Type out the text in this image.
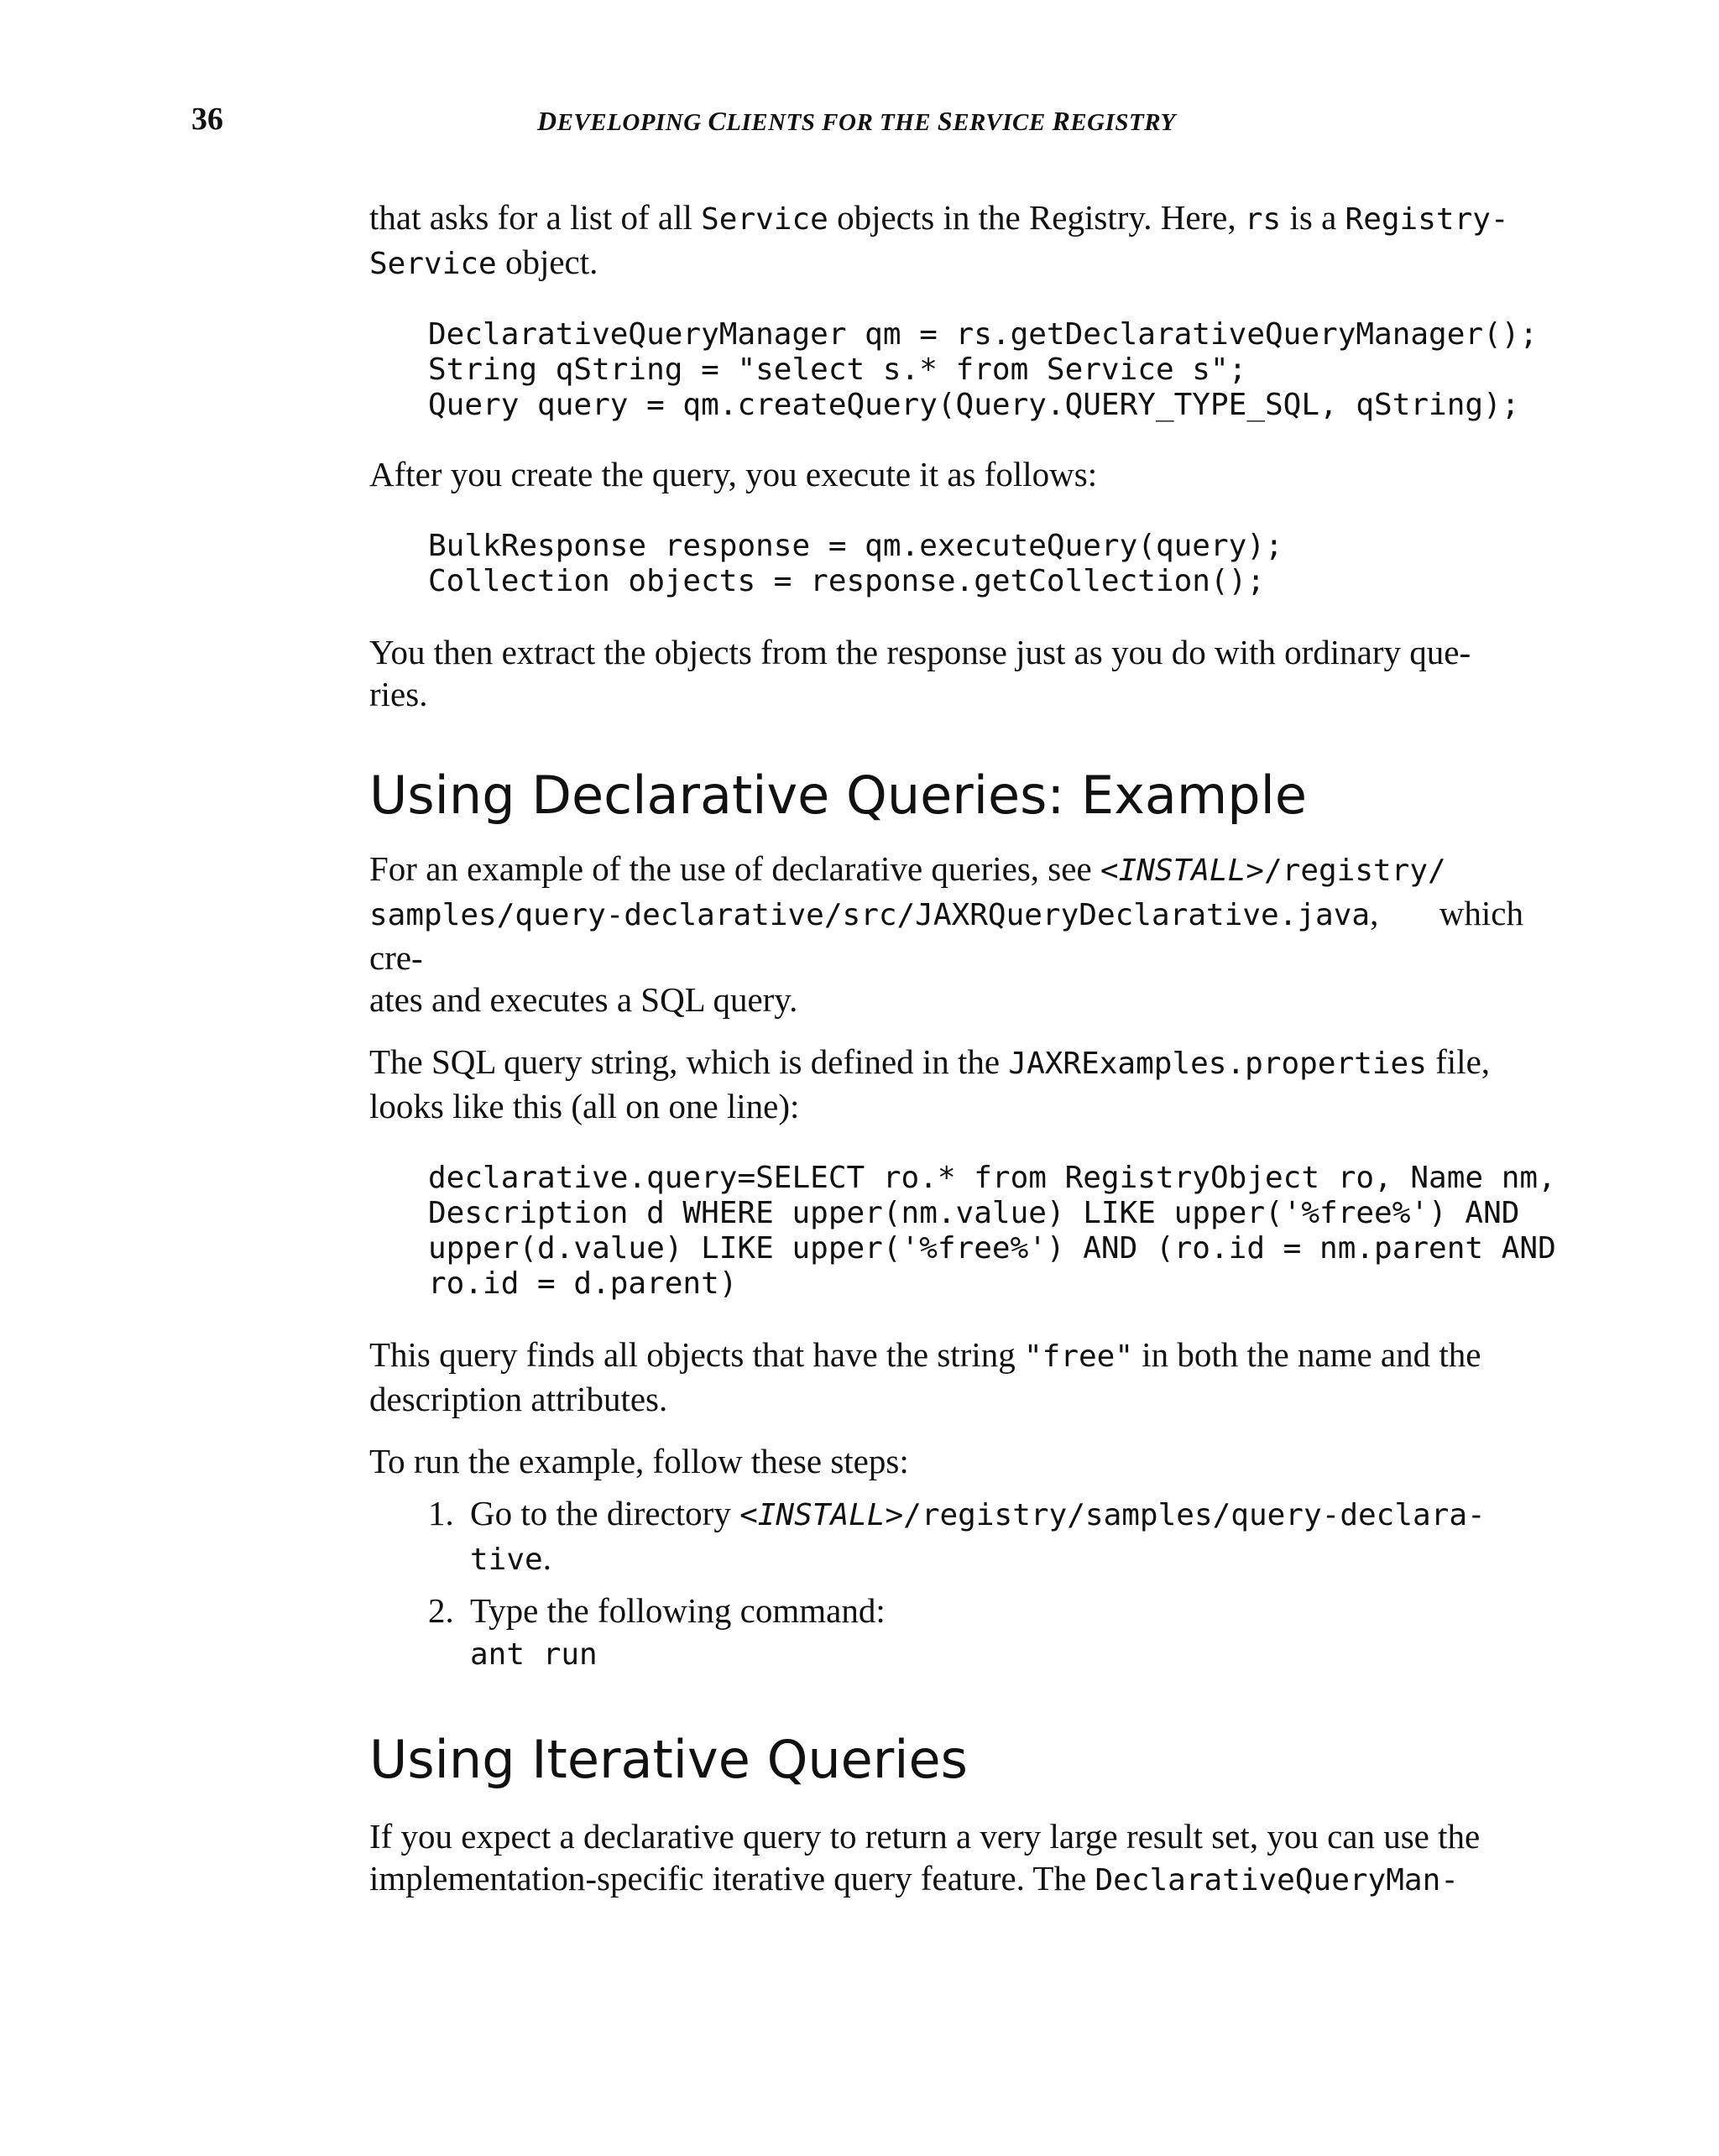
36	DEVELOPING CLIENTS FOR THE SERVICE REGISTRY

that asks for a list of all Service objects in the Registry. Here, rs is a Registry-
Service object.

DeclarativeQueryManager qm = rs.getDeclarativeQueryManager();
String qString = "select s.* from Service s";
Query query = qm.createQuery(Query.QUERY_TYPE_SQL, qString);

After you create the query, you execute it as follows:

BulkResponse response = qm.executeQuery(query);
Collection objects = response.getCollection();

You then extract the objects from the response just as you do with ordinary que-
ries.

Using Declarative Queries: Example

For an example of the use of declarative queries, see <INSTALL>/registry/
samples/query-declarative/src/JAXRQueryDeclarative.java, which cre-
ates and executes a SQL query.

The SQL query string, which is defined in the JAXRExamples.properties file,
looks like this (all on one line):

declarative.query=SELECT ro.* from RegistryObject ro, Name nm,
Description d WHERE upper(nm.value) LIKE upper('%free%') AND
upper(d.value) LIKE upper('%free%') AND (ro.id = nm.parent AND
ro.id = d.parent)

This query finds all objects that have the string "free" in both the name and the
description attributes.

To run the example, follow these steps:

1. Go to the directory <INSTALL>/registry/samples/query-declara-
tive.
2. Type the following command:
ant run
Using Iterative Queries

If you expect a declarative query to return a very large result set, you can use the
implementation-specific iterative query feature. The DeclarativeQueryMan-
